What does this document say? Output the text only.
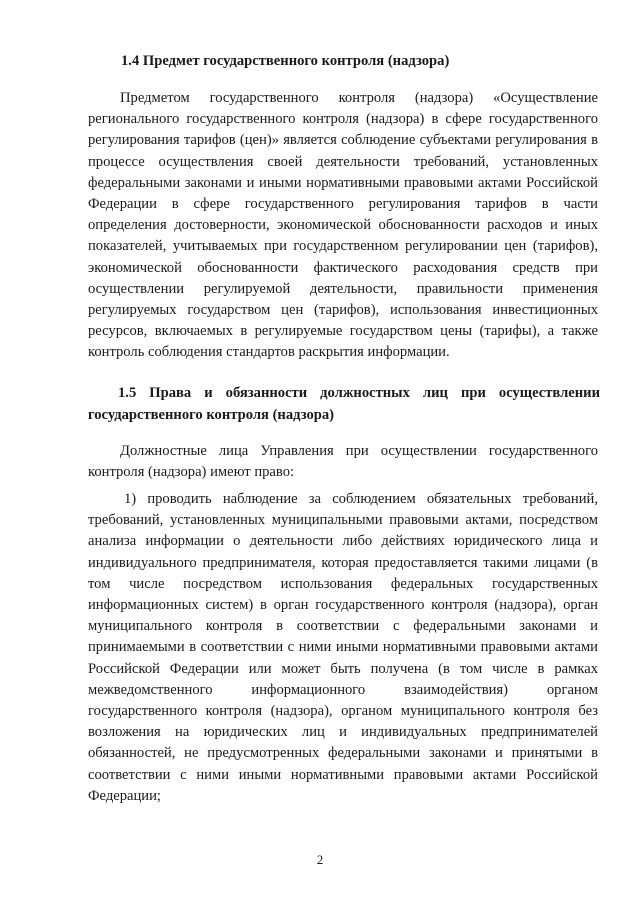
1.4 Предмет государственного контроля (надзора)

Предметом государственного контроля (надзора) «Осуществление регионального государственного контроля (надзора) в сфере государственного регулирования тарифов (цен)» является соблюдение субъектами регулирования в процессе осуществления своей деятельности требований, установленных федеральными законами и иными нормативными правовыми актами Российской Федерации в сфере государственного регулирования тарифов в части определения достоверности, экономической обоснованности расходов и иных показателей, учитываемых при государственном регулировании цен (тарифов), экономической обоснованности фактического расходования средств при осуществлении регулируемой деятельности, правильности применения регулируемых государством цен (тарифов), использования инвестиционных ресурсов, включаемых в регулируемые государством цены (тарифы), а также контроль соблюдения стандартов раскрытия информации.

1.5 Права и обязанности должностных лиц при осуществлении государственного контроля (надзора)

Должностные лица Управления при осуществлении государственного контроля (надзора) имеют право:

1) проводить наблюдение за соблюдением обязательных требований, требований, установленных муниципальными правовыми актами, посредством анализа информации о деятельности либо действиях юридического лица и индивидуального предпринимателя, которая предоставляется такими лицами (в том числе посредством использования федеральных государственных информационных систем) в орган государственного контроля (надзора), орган муниципального контроля в соответствии с федеральными законами и принимаемыми в соответствии с ними иными нормативными правовыми актами Российской Федерации или может быть получена (в том числе в рамках межведомственного информационного взаимодействия) органом государственного контроля (надзора), органом муниципального контроля без возложения на юридических лиц и индивидуальных предпринимателей обязанностей, не предусмотренных федеральными законами и принятыми в соответствии с ними иными нормативными правовыми актами Российской Федерации;

2
